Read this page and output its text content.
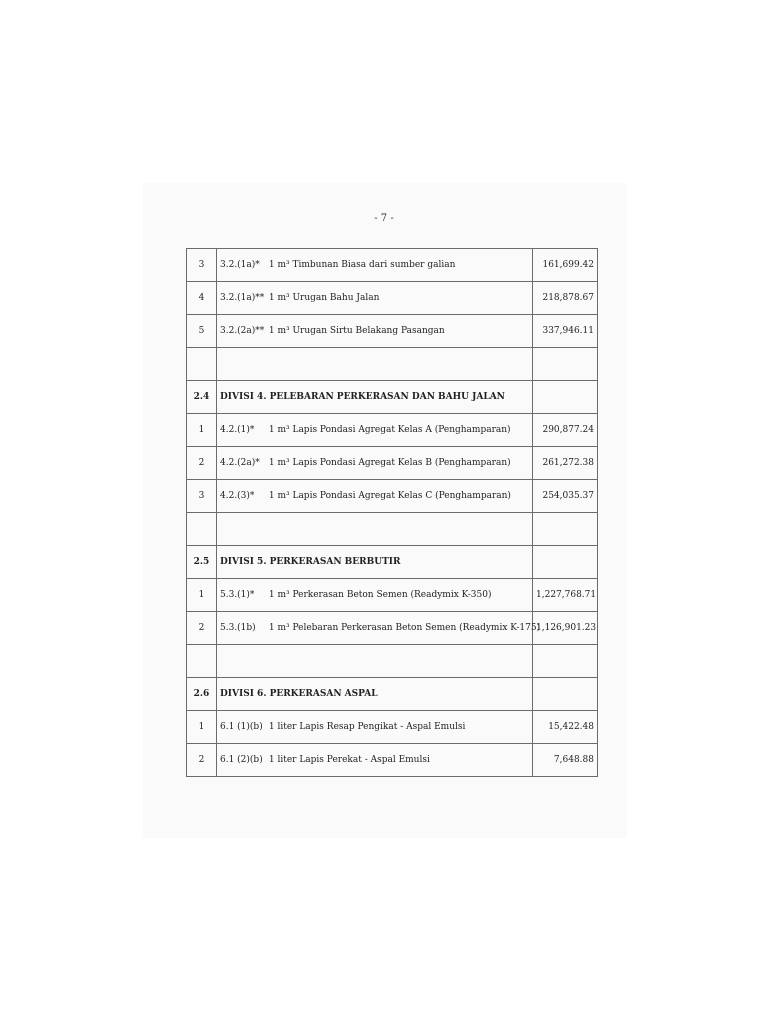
- 7 -
3	3.2.(1a)* 1 m³ Timbunan Biasa dari sumber galian	161,699.42
4	3.2.(1a)** 1 m³ Urugan Bahu Jalan	218,878.67
5	3.2.(2a)** 1 m³ Urugan Sirtu Belakang Pasangan	337,946.11

2.4	DIVISI 4. PELEBARAN PERKERASAN DAN BAHU JALAN	
1	4.2.(1)* 1 m³ Lapis Pondasi Agregat Kelas A (Penghamparan)	290,877.24
2	4.2.(2a)* 1 m³ Lapis Pondasi Agregat Kelas B (Penghamparan)	261,272.38
3	4.2.(3)* 1 m³ Lapis Pondasi Agregat Kelas C (Penghamparan)	254,035.37

2.5	DIVISI 5. PERKERASAN BERBUTIR	
1	5.3.(1)* 1 m³ Perkerasan Beton Semen (Readymix K-350)	1,227,768.71
2	5.3.(1b) 1 m³ Pelebaran Perkerasan Beton Semen (Readymix K-175)	1,126,901.23

2.6	DIVISI 6. PERKERASAN ASPAL	
1	6.1 (1)(b) 1 liter Lapis Resap Pengikat - Aspal Emulsi	15,422.48
2	6.1 (2)(b) 1 liter Lapis Perekat - Aspal Emulsi	7,648.88
